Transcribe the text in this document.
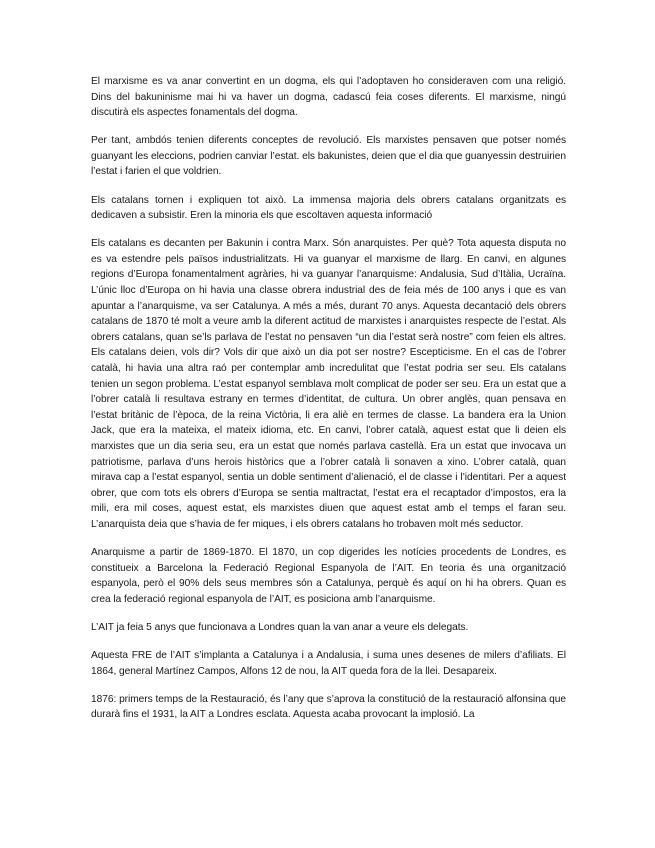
El marxisme es va anar convertint en un dogma, els qui l’adoptaven ho consideraven com una religió. Dins del bakuninisme mai hi va haver un dogma, cadascú feia coses diferents. El marxisme, ningú discutirà els aspectes fonamentals del dogma.

Per tant, ambdós tenien diferents conceptes de revolució. Els marxistes pensaven que potser només guanyant les eleccions, podrien canviar l’estat. els bakunistes, deien que el dia que guanyessin destruirien l’estat i farien el que voldrien.

Els catalans tornen i expliquen tot això. La immensa majoria dels obrers catalans organitzats es dedicaven a subsistir. Eren la minoria els que escoltaven aquesta informació

Els catalans es decanten per Bakunin i contra Marx. Són anarquistes. Per què? Tota aquesta disputa no es va estendre pels països industrialitzats. Hi va guanyar el marxisme de llarg. En canvi, en algunes regions d’Europa fonamentalment agràries, hi va guanyar l’anarquisme: Andalusia, Sud d’Itàlia, Ucraïna. L’únic lloc d’Europa on hi havia una classe obrera industrial des de feia més de 100 anys i que es van apuntar a l’anarquisme, va ser Catalunya. A més a més, durant 70 anys. Aquesta decantació dels obrers catalans de 1870 té molt a veure amb la diferent actitud de marxistes i anarquistes respecte de l’estat. Als obrers catalans, quan se’ls parlava de l’estat no pensaven “un dia l’estat serà nostre” com feien els altres. Els catalans deien, vols dir? Vols dir que això un dia pot ser nostre? Escepticisme. En el cas de l’obrer català, hi havia una altra raó per contemplar amb incredulitat que l’estat podria ser seu. Els catalans tenien un segon problema. L’estat espanyol semblava molt complicat de poder ser seu. Era un estat que a l’obrer català li resultava estrany en termes d’identitat, de cultura. Un obrer anglès, quan pensava en l’estat britànic de l’època, de la reina Victòria, li era aliè en termes de classe. La bandera era la Union Jack, que era la mateixa, el mateix idioma, etc. En canvi, l’obrer català, aquest estat que li deien els marxistes que un dia seria seu, era un estat que només parlava castellà. Era un estat que invocava un patriotisme, parlava d’uns herois històrics que a l’obrer català li sonaven a xino. L’obrer català, quan mirava cap a l’estat espanyol, sentia un doble sentiment d’alienació, el de classe i l’identitari. Per a aquest obrer, que com tots els obrers d’Europa se sentia maltractat, l’estat era el recaptador d’impostos, era la mili, era mil coses, aquest estat, els marxistes diuen que aquest estat amb el temps el faran seu. L’anarquista deia que s’havia de fer miques, i els obrers catalans ho trobaven molt més seductor.

Anarquisme a partir de 1869-1870. El 1870, un cop digerides les notícies procedents de Londres, es constitueix a Barcelona la Federació Regional Espanyola de l’AIT. En teoria és una organització espanyola, però el 90% dels seus membres són a Catalunya, perquè és aquí on hi ha obrers. Quan es crea la federació regional espanyola de l’AIT, es posiciona amb l’anarquisme.

L’AIT ja feia 5 anys que funcionava a Londres quan la van anar a veure els delegats.

Aquesta FRE de l’AIT s’implanta a Catalunya i a Andalusia, i suma unes desenes de milers d’afiliats. El 1864, general Martínez Campos, Alfons 12 de nou, la AIT queda fora de la llei. Desapareix.

1876: primers temps de la Restauració, és l’any que s’aprova la constitució de la restauració alfonsina que durarà fins el 1931, la AIT a Londres esclata. Aquesta acaba provocant la implosió. La
